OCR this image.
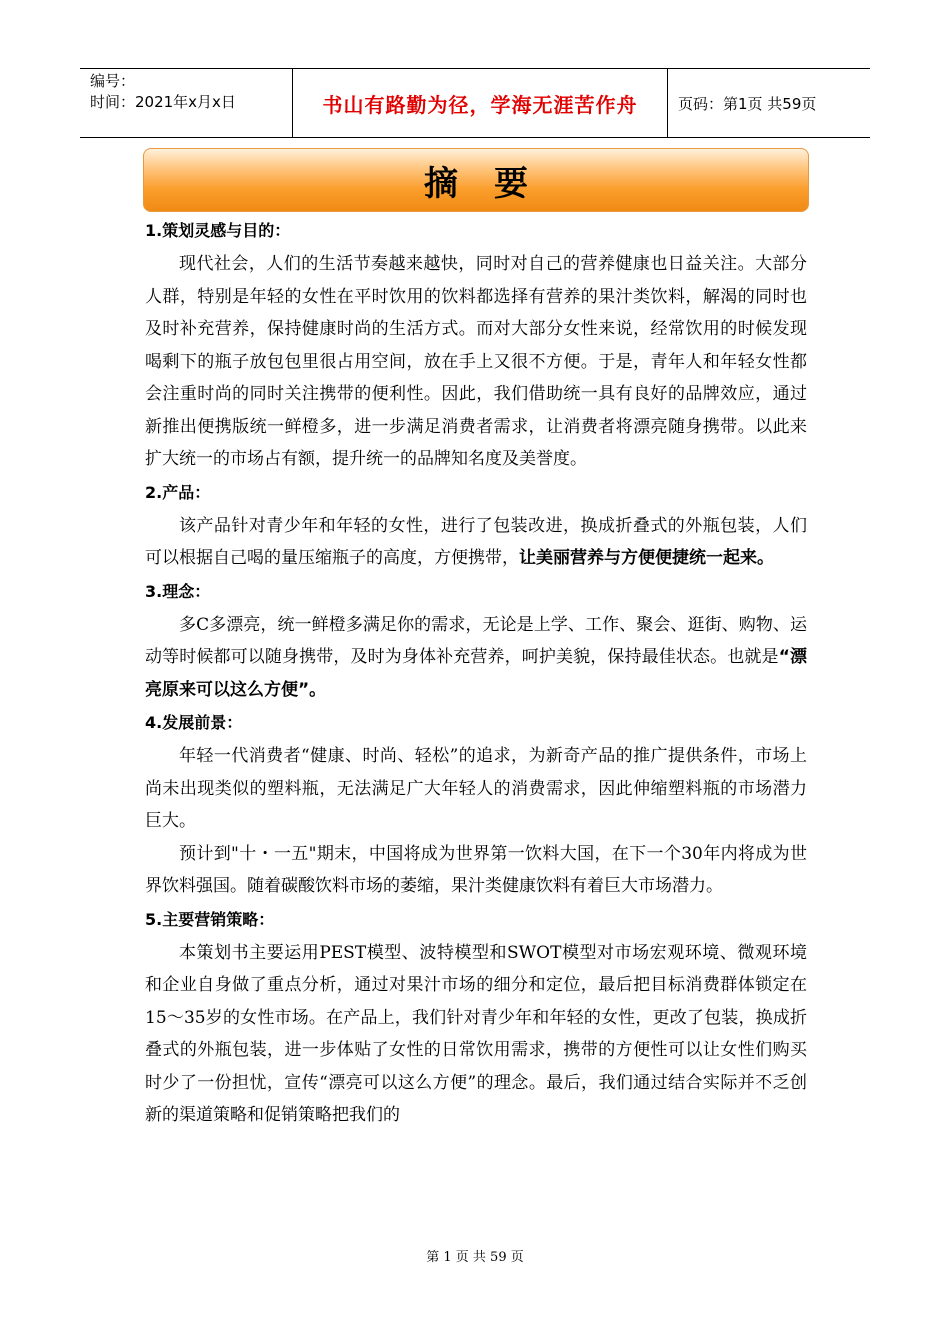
编号：
时间：2021年x月x日	书山有路勤为径，学海无涯苦作舟	页码：第1页 共59页
摘要
1.策划灵感与目的：

现代社会，人们的生活节奏越来越快，同时对自己的营养健康也日益关注。大部分人群，特别是年轻的女性在平时饮用的饮料都选择有营养的果汁类饮料，解渴的同时也及时补充营养，保持健康时尚的生活方式。而对大部分女性来说，经常饮用的时候发现喝剩下的瓶子放包包里很占用空间，放在手上又很不方便。于是，青年人和年轻女性都会注重时尚的同时关注携带的便利性。因此，我们借助统一具有良好的品牌效应，通过新推出便携版统一鲜橙多，进一步满足消费者需求，让消费者将漂亮随身携带。以此来扩大统一的市场占有额，提升统一的品牌知名度及美誉度。

2.产品：

该产品针对青少年和年轻的女性，进行了包装改进，换成折叠式的外瓶包装，人们可以根据自己喝的量压缩瓶子的高度，方便携带，让美丽营养与方便便捷统一起来。

3.理念：

多C多漂亮，统一鲜橙多满足你的需求，无论是上学、工作、聚会、逛街、购物、运动等时候都可以随身携带，及时为身体补充营养，呵护美貌，保持最佳状态。也就是“漂亮原来可以这么方便”。

4.发展前景：

年轻一代消费者“健康、时尚、轻松”的追求，为新奇产品的推广提供条件，市场上尚未出现类似的塑料瓶，无法满足广大年轻人的消费需求，因此伸缩塑料瓶的市场潜力巨大。

预计到"十・一五"期末，中国将成为世界第一饮料大国，在下一个30年内将成为世界饮料强国。随着碳酸饮料市场的萎缩，果汁类健康饮料有着巨大市场潜力。

5.主要营销策略：

本策划书主要运用PEST模型、波特模型和SWOT模型对市场宏观环境、微观环境和企业自身做了重点分析，通过对果汁市场的细分和定位，最后把目标消费群体锁定在15～35岁的女性市场。在产品上，我们针对青少年和年轻的女性，更改了包装，换成折叠式的外瓶包装，进一步体贴了女性的日常饮用需求，携带的方便性可以让女性们购买时少了一份担忧，宣传“漂亮可以这么方便”的理念。最后，我们通过结合实际并不乏创新的渠道策略和促销策略把我们的

第 1 页 共 59 页
